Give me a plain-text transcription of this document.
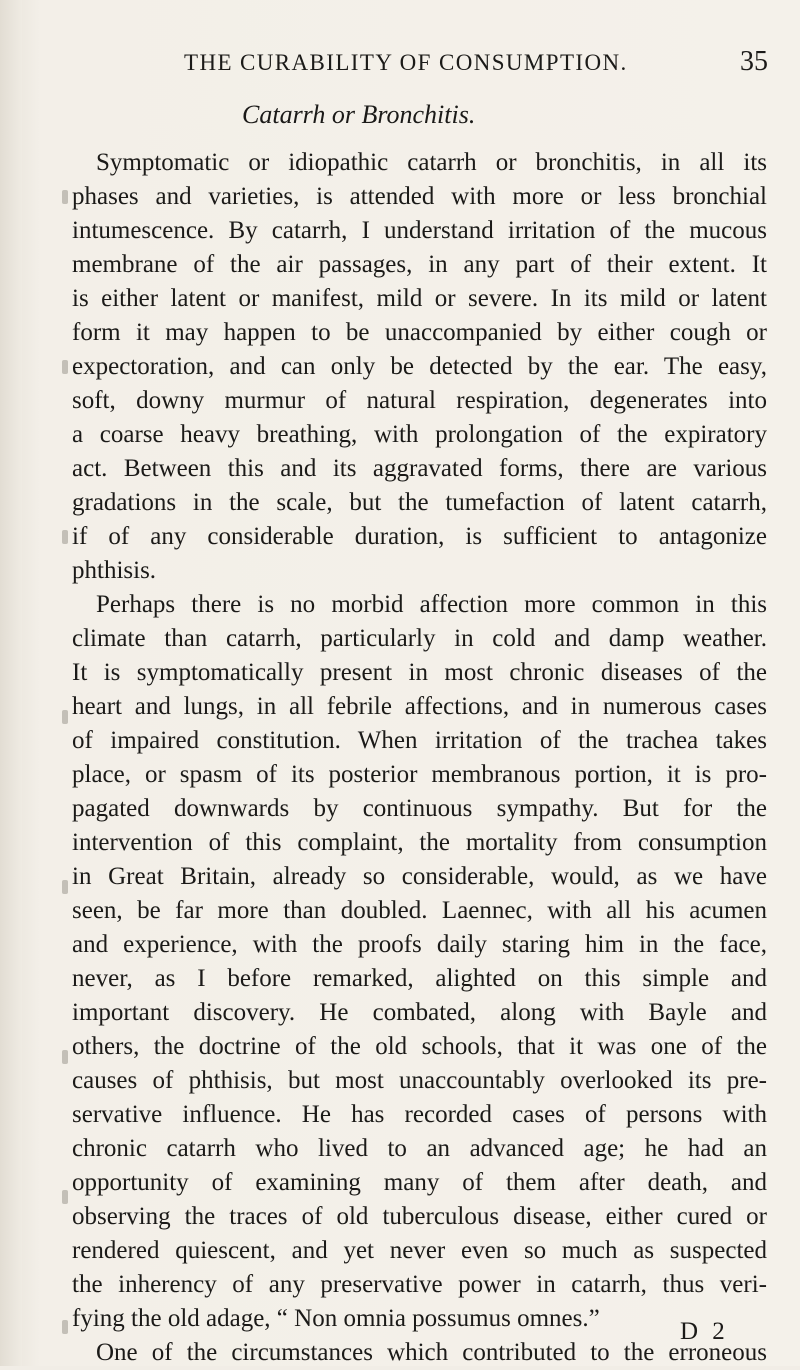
THE CURABILITY OF CONSUMPTION.	35
Catarrh or Bronchitis.
Symptomatic or idiopathic catarrh or bronchitis, in all its
phases and varieties, is attended with more or less bronchial
intumescence. By catarrh, I understand irritation of the mucous
membrane of the air passages, in any part of their extent. It
is either latent or manifest, mild or severe. In its mild or latent
form it may happen to be unaccompanied by either cough or
expectoration, and can only be detected by the ear. The easy,
soft, downy murmur of natural respiration, degenerates into
a coarse heavy breathing, with prolongation of the expiratory
act. Between this and its aggravated forms, there are various
gradations in the scale, but the tumefaction of latent catarrh,
if of any considerable duration, is sufficient to antagonize
phthisis.
Perhaps there is no morbid affection more common in this
climate than catarrh, particularly in cold and damp weather.
It is symptomatically present in most chronic diseases of the
heart and lungs, in all febrile affections, and in numerous cases
of impaired constitution. When irritation of the trachea takes
place, or spasm of its posterior membranous portion, it is pro-
pagated downwards by continuous sympathy. But for the
intervention of this complaint, the mortality from consumption
in Great Britain, already so considerable, would, as we have
seen, be far more than doubled. Laennec, with all his acumen
and experience, with the proofs daily staring him in the face,
never, as I before remarked, alighted on this simple and
important discovery. He combated, along with Bayle and
others, the doctrine of the old schools, that it was one of the
causes of phthisis, but most unaccountably overlooked its pre-
servative influence. He has recorded cases of persons with
chronic catarrh who lived to an advanced age; he had an
opportunity of examining many of them after death, and
observing the traces of old tuberculous disease, either cured or
rendered quiescent, and yet never even so much as suspected
the inherency of any preservative power in catarrh, thus veri-
fying the old adage, “ Non omnia possumus omnes.”
One of the circumstances which contributed to the erroneous
D 2
